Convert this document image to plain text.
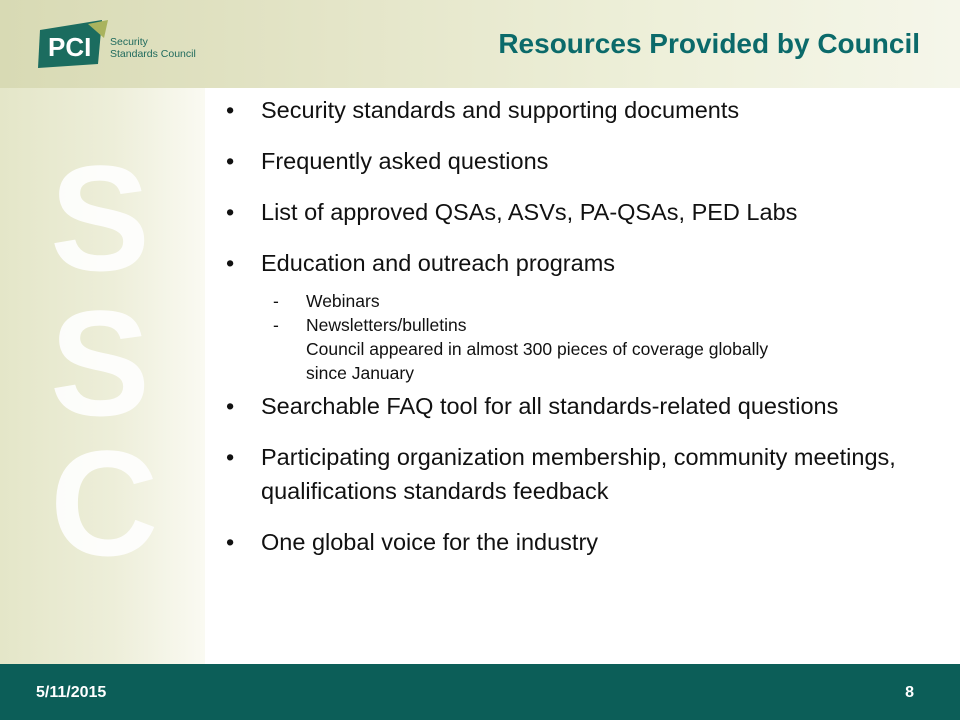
PCI Security
Standards Council	Resources Provided by Council
S
S
C
• Security standards and supporting documents
• Frequently asked questions
• List of approved QSAs, ASVs, PA-QSAs, PED Labs
• Education and outreach programs
- Webinars
- Newsletters/bulletins
Council appeared in almost 300 pieces of coverage globally since January
• Searchable FAQ tool for all standards-related questions
• Participating organization membership, community meetings, qualifications standards feedback
• One global voice for the industry
5/11/2015	8
